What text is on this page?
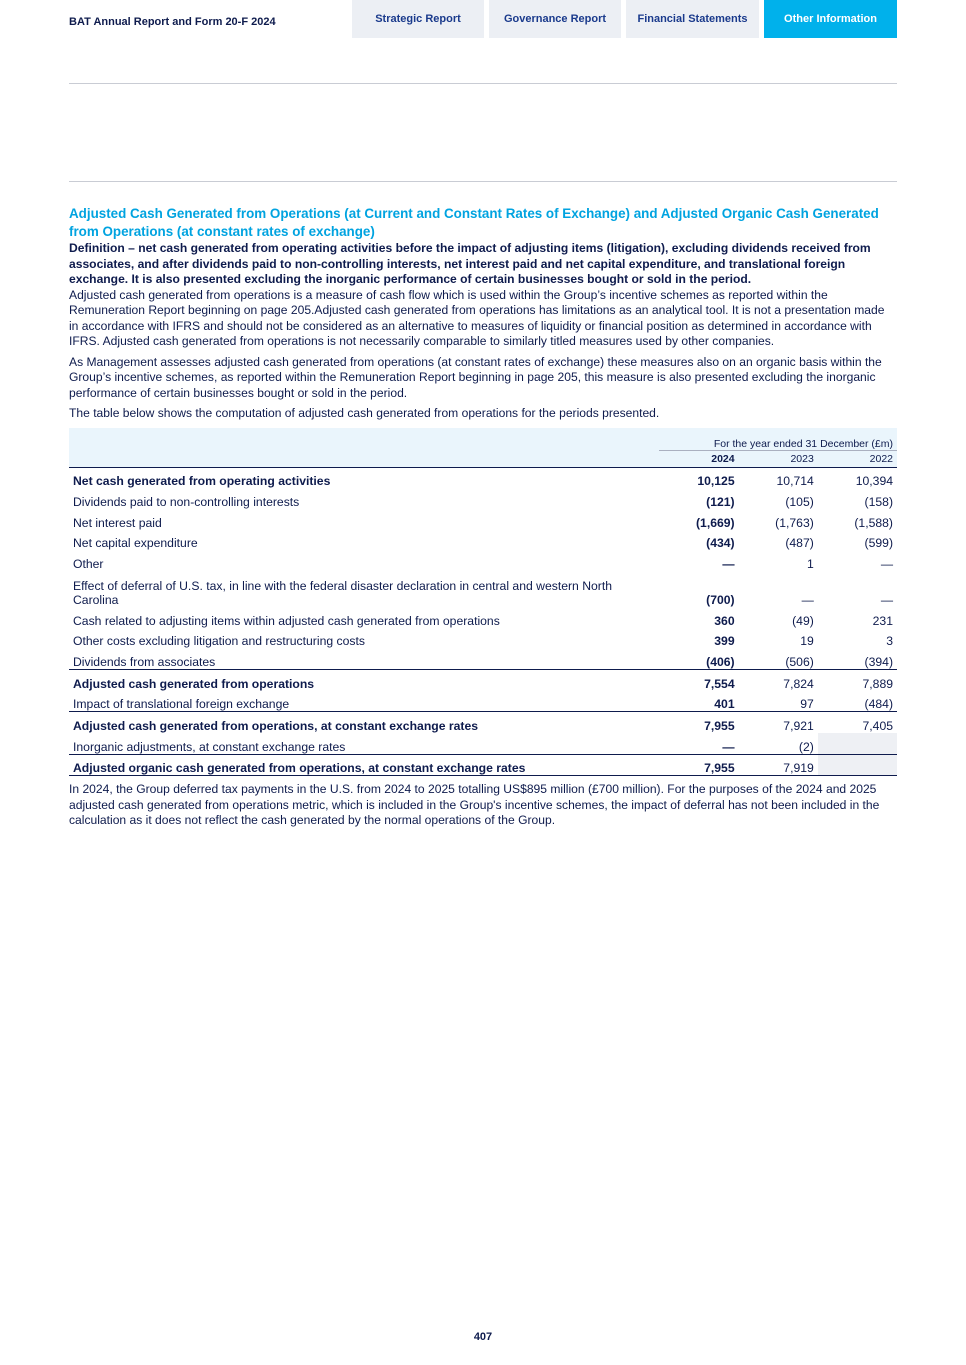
BAT Annual Report and Form 20-F 2024	Strategic Report	Governance Report	Financial Statements	Other Information
Adjusted Cash Generated from Operations (at Current and Constant Rates of Exchange) and Adjusted Organic Cash Generated from Operations (at constant rates of exchange)

Definition – net cash generated from operating activities before the impact of adjusting items (litigation), excluding dividends received from associates, and after dividends paid to non-controlling interests, net interest paid and net capital expenditure, and translational foreign exchange. It is also presented excluding the inorganic performance of certain businesses bought or sold in the period.

Adjusted cash generated from operations is a measure of cash flow which is used within the Group’s incentive schemes as reported within the Remuneration Report beginning on page 205.Adjusted cash generated from operations has limitations as an analytical tool. It is not a presentation made in accordance with IFRS and should not be considered as an alternative to measures of liquidity or financial position as determined in accordance with IFRS. Adjusted cash generated from operations is not necessarily comparable to similarly titled measures used by other companies.

As Management assesses adjusted cash generated from operations (at constant rates of exchange) these measures also on an organic basis within the Group’s incentive schemes, as reported within the Remuneration Report beginning in page 205, this measure is also presented excluding the inorganic performance of certain businesses bought or sold in the period.

The table below shows the computation of adjusted cash generated from operations for the periods presented.

	For the year ended 31 December (£m)		
	2024	2023	2022
Net cash generated from operating activities	10,125	10,714	10,394
Dividends paid to non-controlling interests	(121)	(105)	(158)
Net interest paid	(1,669)	(1,763)	(1,588)
Net capital expenditure	(434)	(487)	(599)
Other	—	1	—
Effect of deferral of U.S. tax, in line with the federal disaster declaration in central and western North Carolina	(700)	—	—
Cash related to adjusting items within adjusted cash generated from operations	360	(49)	231
Other costs excluding litigation and restructuring costs	399	19	3
Dividends from associates	(406)	(506)	(394)
Adjusted cash generated from operations	7,554	7,824	7,889
Impact of translational foreign exchange	401	97	(484)
Adjusted cash generated from operations, at constant exchange rates	7,955	7,921	7,405
Inorganic adjustments, at constant exchange rates	—	(2)	
Adjusted organic cash generated from operations, at constant exchange rates	7,955	7,919	

In 2024, the Group deferred tax payments in the U.S. from 2024 to 2025 totalling US$895 million (£700 million). For the purposes of the 2024 and 2025 adjusted cash generated from operations metric, which is included in the Group's incentive schemes, the impact of deferral has not been included in the calculation as it does not reflect the cash generated by the normal operations of the Group.

407
